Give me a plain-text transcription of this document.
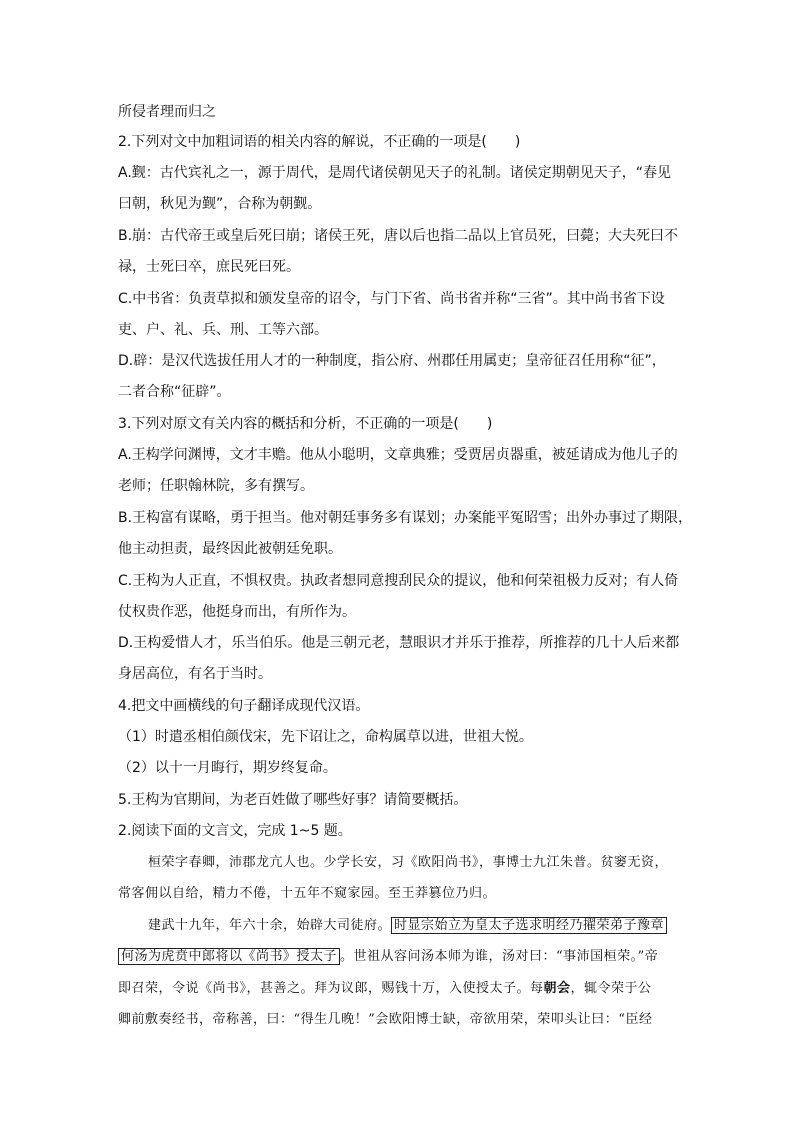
所侵者理而归之
2.下列对文中加粗词语的相关内容的解说，不正确的一项是(　　)
A.觐：古代宾礼之一，源于周代，是周代诸侯朝见天子的礼制。诸侯定期朝见天子，“春见
曰朝，秋见为觐”，合称为朝觐。
B.崩：古代帝王或皇后死曰崩；诸侯王死，唐以后也指二品以上官员死，曰薨；大夫死曰不
禄，士死曰卒，庶民死曰死。
C.中书省：负责草拟和颁发皇帝的诏令，与门下省、尚书省并称“三省”。其中尚书省下设
吏、户、礼、兵、刑、工等六部。
D.辟：是汉代选拔任用人才的一种制度，指公府、州郡任用属吏；皇帝征召任用称“征”，
二者合称“征辟”。
3.下列对原文有关内容的概括和分析，不正确的一项是(　　)
A.王构学问渊博，文才丰赡。他从小聪明，文章典雅；受贾居贞器重，被延请成为他儿子的
老师；任职翰林院，多有撰写。
B.王构富有谋略，勇于担当。他对朝廷事务多有谋划；办案能平冤昭雪；出外办事过了期限，
他主动担责，最终因此被朝廷免职。
C.王构为人正直，不惧权贵。执政者想同意搜刮民众的提议，他和何荣祖极力反对；有人倚
仗权贵作恶，他挺身而出，有所作为。
D.王构爱惜人才，乐当伯乐。他是三朝元老，慧眼识才并乐于推荐，所推荐的几十人后来都
身居高位，有名于当时。
4.把文中画横线的句子翻译成现代汉语。
（1）时遣丞相伯颜伐宋，先下诏让之，命构属草以进，世祖大悦。
（2）以十一月晦行，期岁终复命。
5.王构为官期间，为老百姓做了哪些好事？请简要概括。
2.阅读下面的文言文，完成 1~5 题。
桓荣字春卿，沛郡龙亢人也。少学长安，习《欧阳尚书》，事博士九江朱普。贫窭无资，
常客佣以自给，精力不倦，十五年不窥家园。至王莽篡位乃归。
建武十九年，年六十余，始辟大司徒府。 时显宗始立为皇太子选求明经乃擢荣弟子豫章
何汤为虎贲中郎将以《尚书》授太子 。世祖从容问汤本师为谁，汤对曰：“事沛国桓荣。”帝
即召荣，令说《尚书》，甚善之。拜为议郎，赐钱十万，入使授太子。每朝会，辄令荣于公
卿前敷奏经书，帝称善，曰：“得生几晚！”会欧阳博士缺，帝欲用荣，荣叩头让曰：“臣经
